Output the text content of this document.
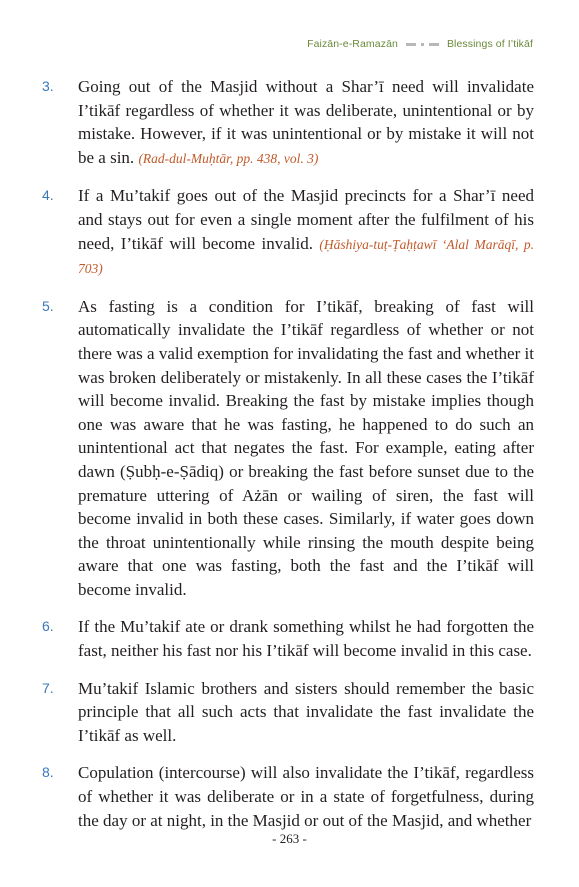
Faizān-e-Ramazān	Blessings of I’tikāf
3. Going out of the Masjid without a Shar’ī need will invalidate I’tikāf regardless of whether it was deliberate, unintentional or by mistake. However, if it was unintentional or by mistake it will not be a sin. (Rad-dul-Muḥtār, pp. 438, vol. 3)
4. If a Mu’takif goes out of the Masjid precincts for a Shar’ī need and stays out for even a single moment after the fulfilment of his need, I’tikāf will become invalid. (Ḥāshiya-tuṭ-Ṭaḥṭawī ‘Alal Marāqī, p. 703)
5. As fasting is a condition for I’tikāf, breaking of fast will automatically invalidate the I’tikāf regardless of whether or not there was a valid exemption for invalidating the fast and whether it was broken deliberately or mistakenly. In all these cases the I’tikāf will become invalid. Breaking the fast by mistake implies though one was aware that he was fasting, he happened to do such an unintentional act that negates the fast. For example, eating after dawn (Ṣubḥ-e-Ṣādiq) or breaking the fast before sunset due to the premature uttering of Ażān or wailing of siren, the fast will become invalid in both these cases. Similarly, if water goes down the throat unintentionally while rinsing the mouth despite being aware that one was fasting, both the fast and the I’tikāf will become invalid.
6. If the Mu’takif ate or drank something whilst he had forgotten the fast, neither his fast nor his I’tikāf will become invalid in this case.
7. Mu’takif Islamic brothers and sisters should remember the basic principle that all such acts that invalidate the fast invalidate the I’tikāf as well.
8. Copulation (intercourse) will also invalidate the I’tikāf, regardless of whether it was deliberate or in a state of forgetfulness, during the day or at night, in the Masjid or out of the Masjid, and whether
- 263 -
